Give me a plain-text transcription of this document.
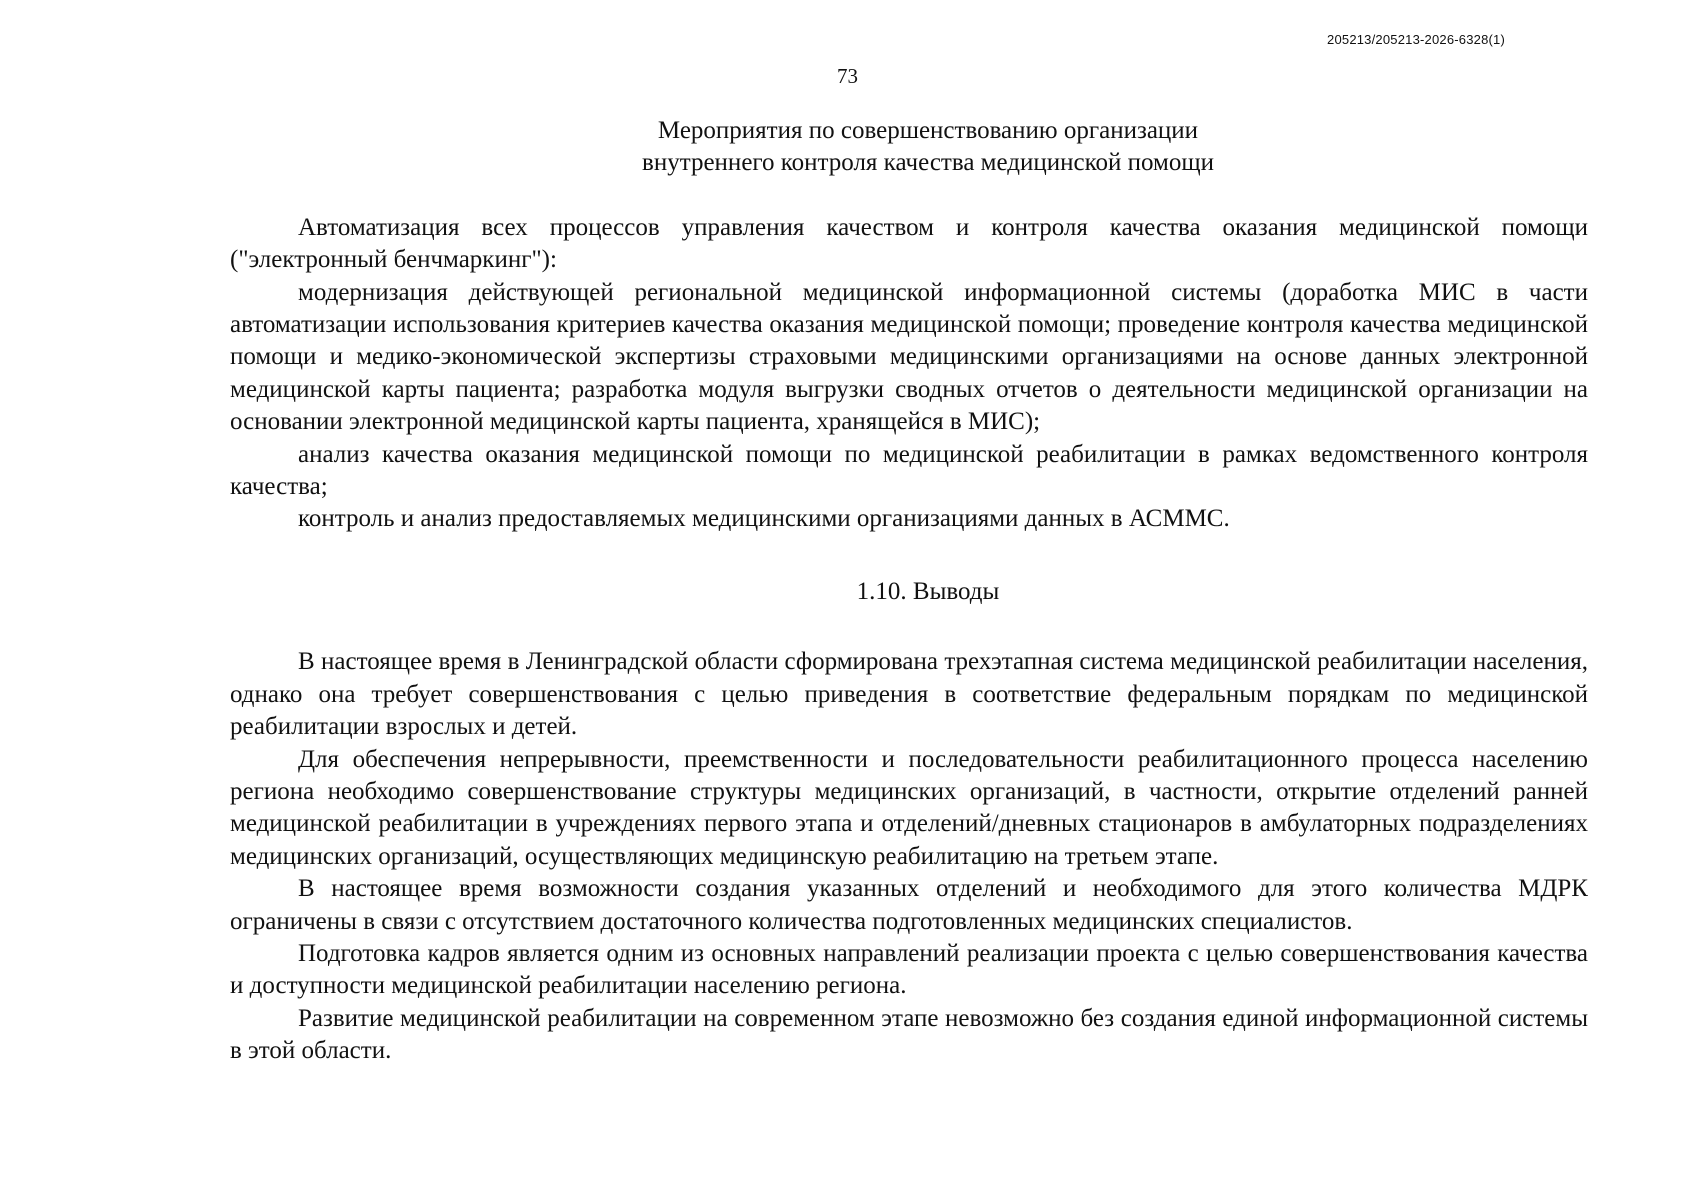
205213/205213-2026-6328(1)
73
Мероприятия по совершенствованию организации
внутреннего контроля качества медицинской помощи

Автоматизация всех процессов управления качеством и контроля качества оказания медицинской помощи ("электронный бенчмаркинг"):

модернизация действующей региональной медицинской информационной системы (доработка МИС в части автоматизации использования критериев качества оказания медицинской помощи; проведение контроля качества медицинской помощи и медико-экономической экспертизы страховыми медицинскими организациями на основе данных электронной медицинской карты пациента; разработка модуля выгрузки сводных отчетов о деятельности медицинской организации на основании электронной медицинской карты пациента, хранящейся в МИС);

анализ качества оказания медицинской помощи по медицинской реабилитации в рамках ведомственного контроля качества;

контроль и анализ предоставляемых медицинскими организациями данных в АСММС.

1.10. Выводы

В настоящее время в Ленинградской области сформирована трехэтапная система медицинской реабилитации населения, однако она требует совершенствования с целью приведения в соответствие федеральным порядкам по медицинской реабилитации взрослых и детей.

Для обеспечения непрерывности, преемственности и последовательности реабилитационного процесса населению региона необходимо совершенствование структуры медицинских организаций, в частности, открытие отделений ранней медицинской реабилитации в учреждениях первого этапа и отделений/дневных стационаров в амбулаторных подразделениях медицинских организаций, осуществляющих медицинскую реабилитацию на третьем этапе.

В настоящее время возможности создания указанных отделений и необходимого для этого количества МДРК ограничены в связи с отсутствием достаточного количества подготовленных медицинских специалистов.

Подготовка кадров является одним из основных направлений реализации проекта с целью совершенствования качества и доступности медицинской реабилитации населению региона.

Развитие медицинской реабилитации на современном этапе невозможно без создания единой информационной системы в этой области.
